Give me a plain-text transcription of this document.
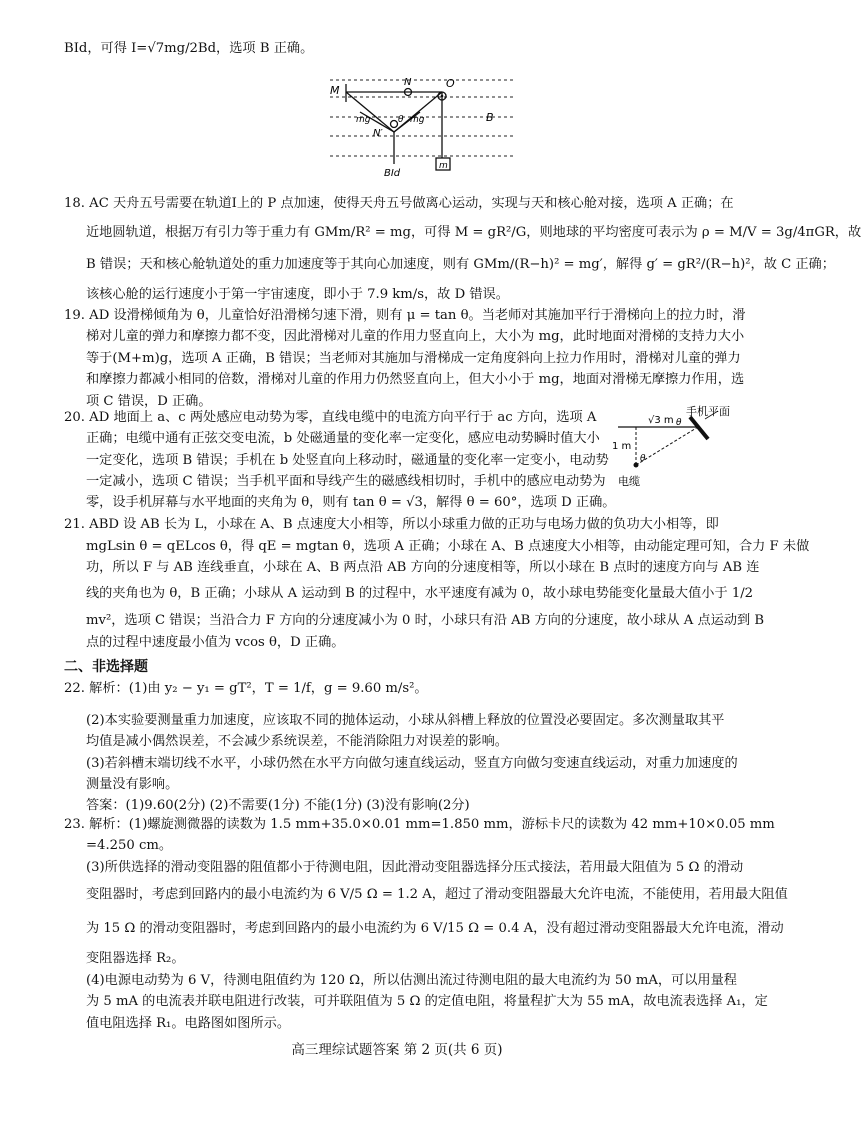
BId，可得 I=√7mg/2Bd，选项 B 正确。
M
N	O
B
N′
mg	θ mg
BId
m
18. AC 天舟五号需要在轨道Ⅰ上的 P 点加速，使得天舟五号做离心运动，实现与天和核心舱对接，选项 A 正确；在
近地圆轨道，根据万有引力等于重力有 GMm/R² = mg，可得 M = gR²/G，则地球的平均密度可表示为 ρ = M/V = 3g/4πGR，故
B 错误；天和核心舱轨道处的重力加速度等于其向心加速度，则有 GMm/(R−h)² = mg′，解得 g′ = gR²/(R−h)²，故 C 正确；
该核心舱的运行速度小于第一宇宙速度，即小于 7.9 km/s，故 D 错误。
19. AD 设滑梯倾角为 θ，儿童恰好沿滑梯匀速下滑，则有 μ = tan θ。当老师对其施加平行于滑梯向上的拉力时，滑
梯对儿童的弹力和摩擦力都不变，因此滑梯对儿童的作用力竖直向上，大小为 mg，此时地面对滑梯的支持力大小
等于(M+m)g，选项 A 正确，B 错误；当老师对其施加与滑梯成一定角度斜向上拉力作用时，滑梯对儿童的弹力
和摩擦力都减小相同的倍数，滑梯对儿童的作用力仍然竖直向上，但大小小于 mg，地面对滑梯无摩擦力作用，选
项 C 错误，D 正确。
20. AD 地面上 a、c 两处感应电动势为零，直线电缆中的电流方向平行于 ac 方向，选项 A
正确；电缆中通有正弦交变电流，b 处磁通量的变化率一定变化，感应电动势瞬时值大小
一定变化，选项 B 错误；手机在 b 处竖直向上移动时，磁通量的变化率一定变小，电动势
一定减小，选项 C 错误；当手机平面和导线产生的磁感线相切时，手机中的感应电动势为
零，设手机屏幕与水平地面的夹角为 θ，则有 tan θ = √3，解得 θ = 60°，选项 D 正确。
手机平面
√3 m θ
1 m
θ
电缆
21. ABD 设 AB 长为 L，小球在 A、B 点速度大小相等，所以小球重力做的正功与电场力做的负功大小相等，即
mgLsin θ = qELcos θ，得 qE = mgtan θ，选项 A 正确；小球在 A、B 点速度大小相等，由动能定理可知，合力 F 未做
功，所以 F 与 AB 连线垂直，小球在 A、B 两点沿 AB 方向的分速度相等，所以小球在 B 点时的速度方向与 AB 连
线的夹角也为 θ，B 正确；小球从 A 运动到 B 的过程中，水平速度有减为 0，故小球电势能变化量最大值小于 1/2
mv²，选项 C 错误；当沿合力 F 方向的分速度减小为 0 时，小球只有沿 AB 方向的分速度，故小球从 A 点运动到 B
点的过程中速度最小值为 vcos θ，D 正确。
二、非选择题
22. 解析：(1)由 y₂ − y₁ = gT²，T = 1/f，g = 9.60 m/s²。
(2)本实验要测量重力加速度，应该取不同的抛体运动，小球从斜槽上释放的位置没必要固定。多次测量取其平
均值是减小偶然误差，不会减少系统误差，不能消除阻力对误差的影响。
(3)若斜槽末端切线不水平，小球仍然在水平方向做匀速直线运动，竖直方向做匀变速直线运动，对重力加速度的
测量没有影响。
答案：(1)9.60(2分) (2)不需要(1分) 不能(1分) (3)没有影响(2分)
23. 解析：(1)螺旋测微器的读数为 1.5 mm+35.0×0.01 mm=1.850 mm，游标卡尺的读数为 42 mm+10×0.05 mm
=4.250 cm。
(3)所供选择的滑动变阻器的阻值都小于待测电阻，因此滑动变阻器选择分压式接法，若用最大阻值为 5 Ω 的滑动
变阻器时，考虑到回路内的最小电流约为 6 V/5 Ω = 1.2 A，超过了滑动变阻器最大允许电流，不能使用，若用最大阻值
为 15 Ω 的滑动变阻器时，考虑到回路内的最小电流约为 6 V/15 Ω = 0.4 A，没有超过滑动变阻器最大允许电流，滑动
变阻器选择 R₂。
(4)电源电动势为 6 V，待测电阻值约为 120 Ω，所以估测出流过待测电阻的最大电流约为 50 mA，可以用量程
为 5 mA 的电流表并联电阻进行改装，可并联阻值为 5 Ω 的定值电阻，将量程扩大为 55 mA，故电流表选择 A₁，定
值电阻选择 R₁。电路图如图所示。
高三理综试题答案 第 2 页(共 6 页)
